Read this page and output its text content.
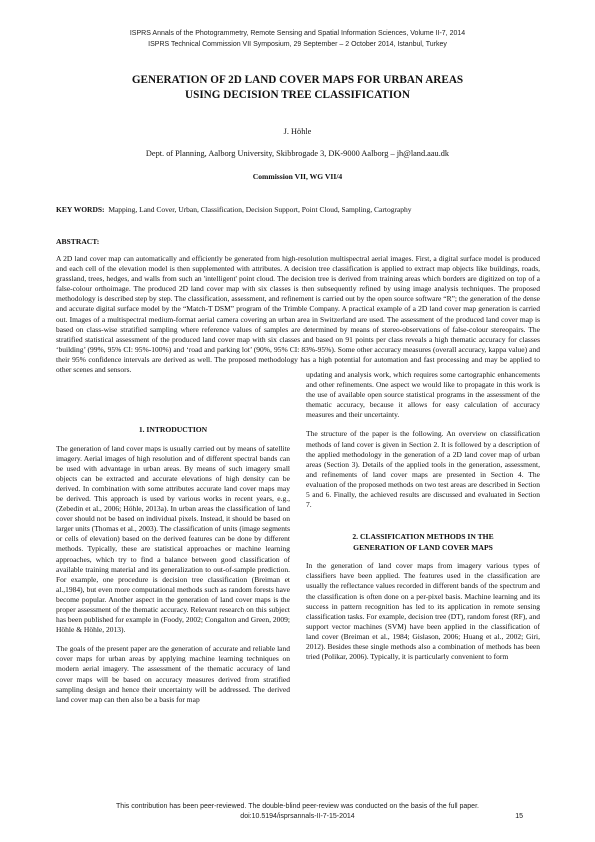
ISPRS Annals of the Photogrammetry, Remote Sensing and Spatial Information Sciences, Volume II-7, 2014
ISPRS Technical Commission VII Symposium, 29 September – 2 October 2014, Istanbul, Turkey
GENERATION OF 2D LAND COVER MAPS FOR URBAN AREAS
USING DECISION TREE CLASSIFICATION
J. Höhle
Dept. of Planning, Aalborg University, Skibbrogade 3, DK-9000 Aalborg – jh@land.aau.dk
Commission VII, WG VII/4
KEY WORDS: Mapping, Land Cover, Urban, Classification, Decision Support, Point Cloud, Sampling, Cartography
ABSTRACT:

A 2D land cover map can automatically and efficiently be generated from high-resolution multispectral aerial images. First, a digital surface model is produced and each cell of the elevation model is then supplemented with attributes. A decision tree classification is applied to extract map objects like buildings, roads, grassland, trees, hedges, and walls from such an 'intelligent' point cloud. The decision tree is derived from training areas which borders are digitized on top of a false-colour orthoimage. The produced 2D land cover map with six classes is then subsequently refined by using image analysis techniques. The proposed methodology is described step by step. The classification, assessment, and refinement is carried out by the open source software “R”; the generation of the dense and accurate digital surface model by the “Match-T DSM” program of the Trimble Company. A practical example of a 2D land cover map generation is carried out. Images of a multispectral medium-format aerial camera covering an urban area in Switzerland are used. The assessment of the produced land cover map is based on class-wise stratified sampling where reference values of samples are determined by means of stereo-observations of false-colour stereopairs. The stratified statistical assessment of the produced land cover map with six classes and based on 91 points per class reveals a high thematic accuracy for classes ‘building’ (99%, 95% CI: 95%-100%) and ‘road and parking lot’ (90%, 95% CI: 83%-95%). Some other accuracy measures (overall accuracy, kappa value) and their 95% confidence intervals are derived as well. The proposed methodology has a high potential for automation and fast processing and may be applied to other scenes and sensors.

1. INTRODUCTION

The generation of land cover maps is usually carried out by means of satellite imagery. Aerial images of high resolution and of different spectral bands can be used with advantage in urban areas. By means of such imagery small objects can be extracted and accurate elevations of high density can be derived. In combination with some attributes accurate land cover maps may be derived. This approach is used by various works in recent years, e.g., (Zebedin et al., 2006; Höhle, 2013a). In urban areas the classification of land cover should not be based on individual pixels. Instead, it should be based on larger units (Thomas et al., 2003). The classification of units (image segments or cells of elevation) based on the derived features can be done by different methods. Typically, these are statistical approaches or machine learning approaches, which try to find a balance between good classification of available training material and its generalization to out-of-sample prediction. For example, one procedure is decision tree classification (Breiman et al.,1984), but even more computational methods such as random forests have become popular. Another aspect in the generation of land cover maps is the proper assessment of the thematic accuracy. Relevant research on this subject has been published for example in (Foody, 2002; Congalton and Green, 2009; Höhle & Höhle, 2013).

The goals of the present paper are the generation of accurate and reliable land cover maps for urban areas by applying machine learning techniques on modern aerial imagery. The assessment of the thematic accuracy of land cover maps will be based on accuracy measures derived from stratified sampling design and hence their uncertainty will be addressed. The derived land cover map can then also be a basis for map

updating and analysis work, which requires some cartographic enhancements and other refinements. One aspect we would like to propagate in this work is the use of available open source statistical programs in the assessment of the thematic accuracy, because it allows for easy calculation of accuracy measures and their uncertainty.

The structure of the paper is the following. An overview on classification methods of land cover is given in Section 2. It is followed by a description of the applied methodology in the generation of a 2D land cover map of urban areas (Section 3). Details of the applied tools in the generation, assessment, and refinements of land cover maps are presented in Section 4. The evaluation of the proposed methods on two test areas are described in Section 5 and 6. Finally, the achieved results are discussed and evaluated in Section 7.

2. CLASSIFICATION METHODS IN THE
GENERATION OF LAND COVER MAPS

In the generation of land cover maps from imagery various types of classifiers have been applied. The features used in the classification are usually the reflectance values recorded in different bands of the spectrum and the classification is often done on a per-pixel basis. Machine learning and its success in pattern recognition has led to its application in remote sensing classification tasks. For example, decision tree (DT), random forest (RF), and support vector machines (SVM) have been applied in the classification of land cover (Breiman et al., 1984; Gislason, 2006; Huang et al., 2002; Giri, 2012). Besides these single methods also a combination of methods has been tried (Polikar, 2006). Typically, it is particularly convenient to form

This contribution has been peer-reviewed. The double-blind peer-review was conducted on the basis of the full paper.
doi:10.5194/isprsannals-II-7-15-2014	15
